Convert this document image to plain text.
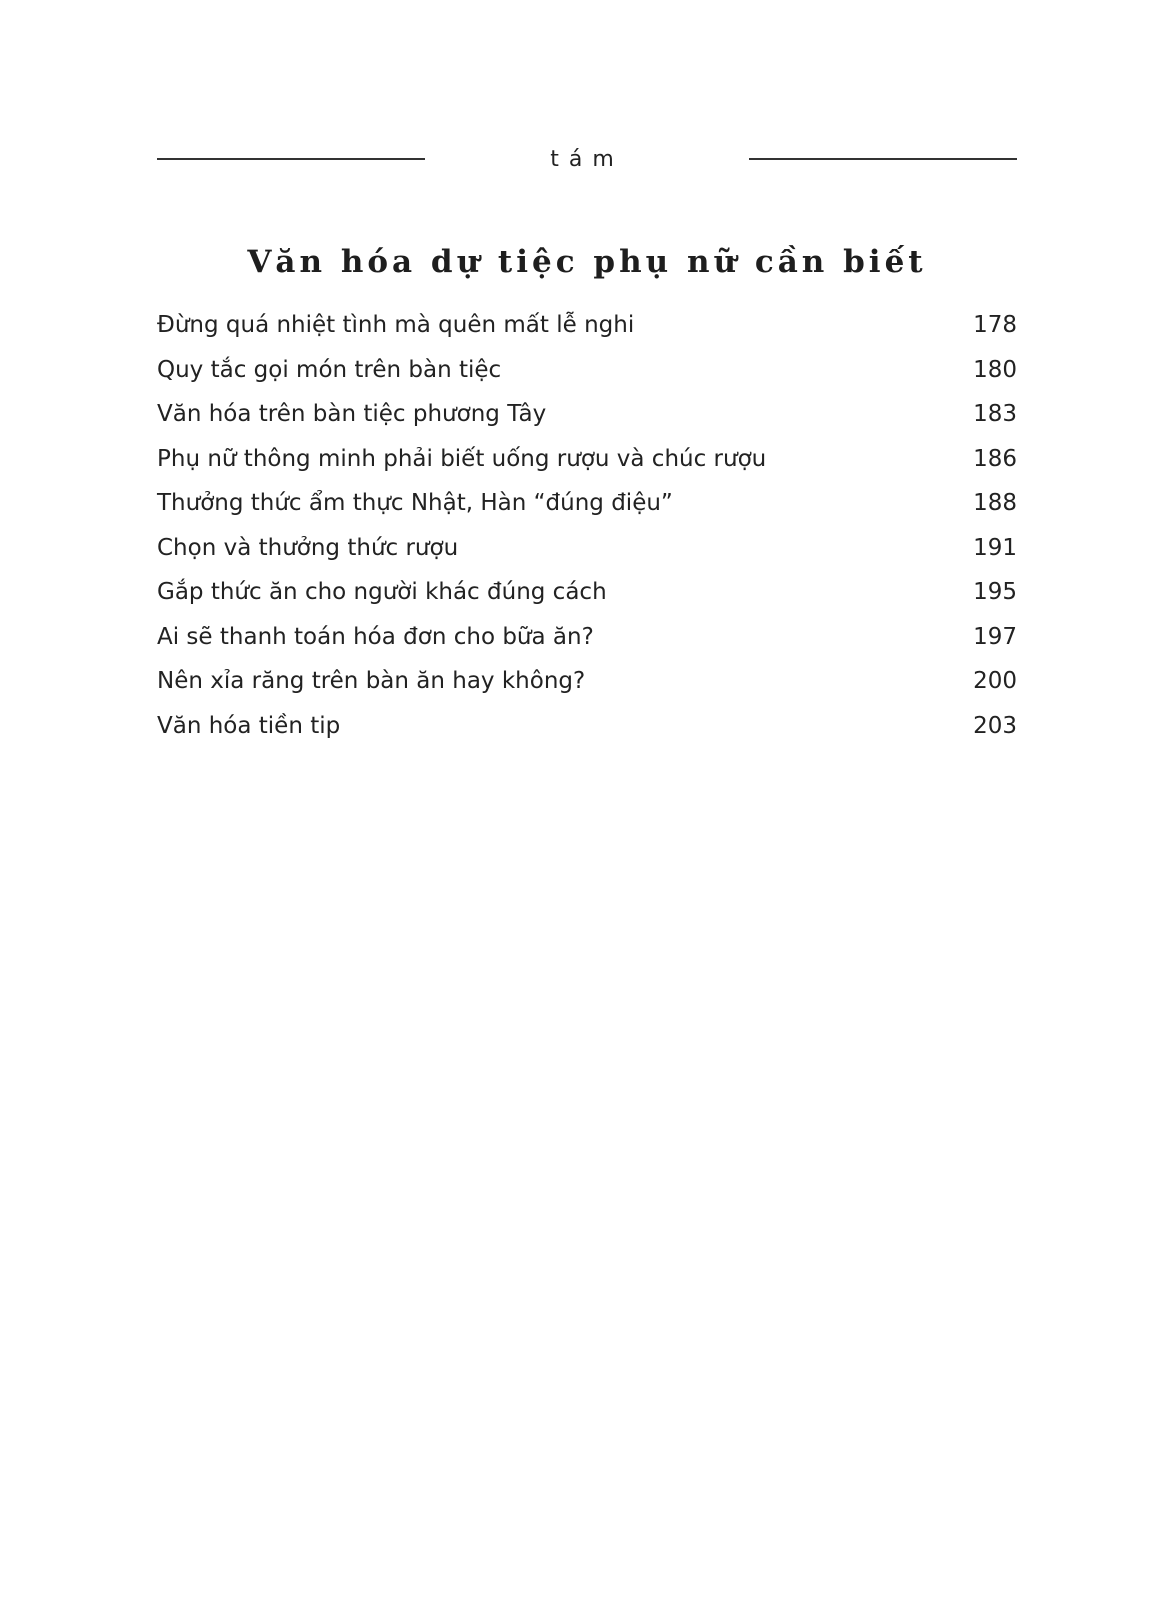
tám
Văn hóa dự tiệc phụ nữ cần biết
Đừng quá nhiệt tình mà quên mất lễ nghi	178
Quy tắc gọi món trên bàn tiệc	180
Văn hóa trên bàn tiệc phương Tây	183
Phụ nữ thông minh phải biết uống rượu và chúc rượu	186
Thưởng thức ẩm thực Nhật, Hàn “đúng điệu”	188
Chọn và thưởng thức rượu	191
Gắp thức ăn cho người khác đúng cách	195
Ai sẽ thanh toán hóa đơn cho bữa ăn?	197
Nên xỉa răng trên bàn ăn hay không?	200
Văn hóa tiền tip	203
